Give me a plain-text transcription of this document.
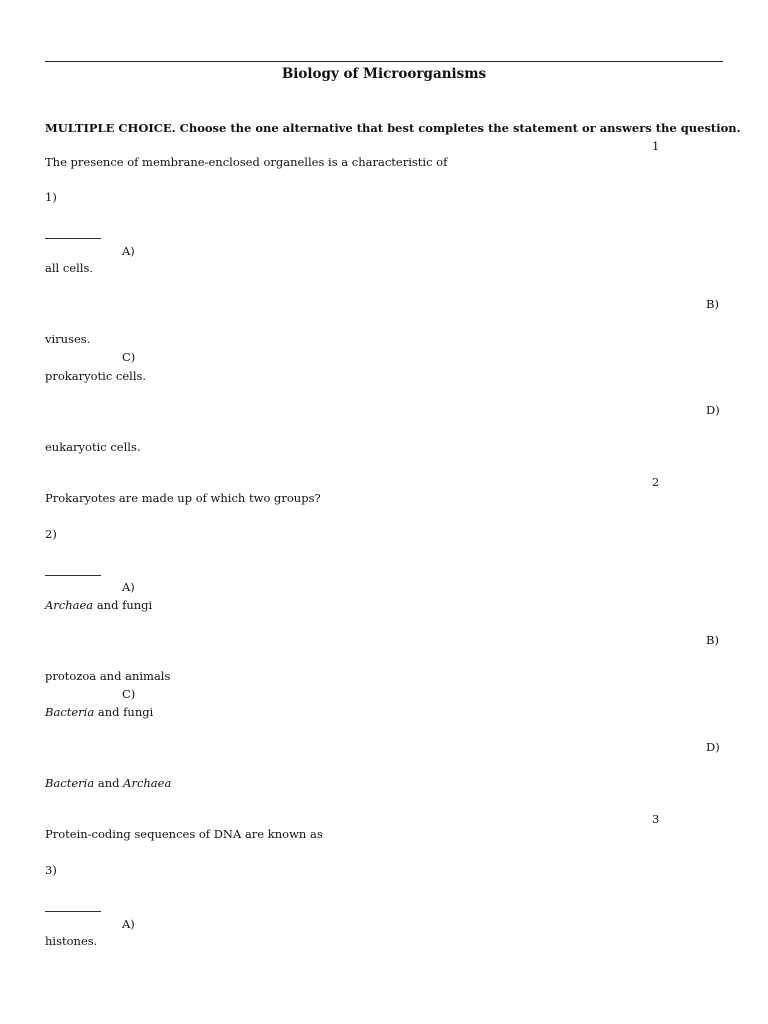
Biology of Microorganisms
MULTIPLE CHOICE. Choose the one alternative that best completes the statement or answers the question.
1
The presence of membrane-enclosed organelles is a characteristic of
1)
A)
all cells.
B)
viruses.
C)
prokaryotic cells.
D)
eukaryotic cells.
2
Prokaryotes are made up of which two groups?
2)
A)
Archaea and fungi
B)
protozoa and animals
C)
Bacteria and fungi
D)
Bacteria and Archaea
3
Protein-coding sequences of DNA are known as
3)
A)
histones.
